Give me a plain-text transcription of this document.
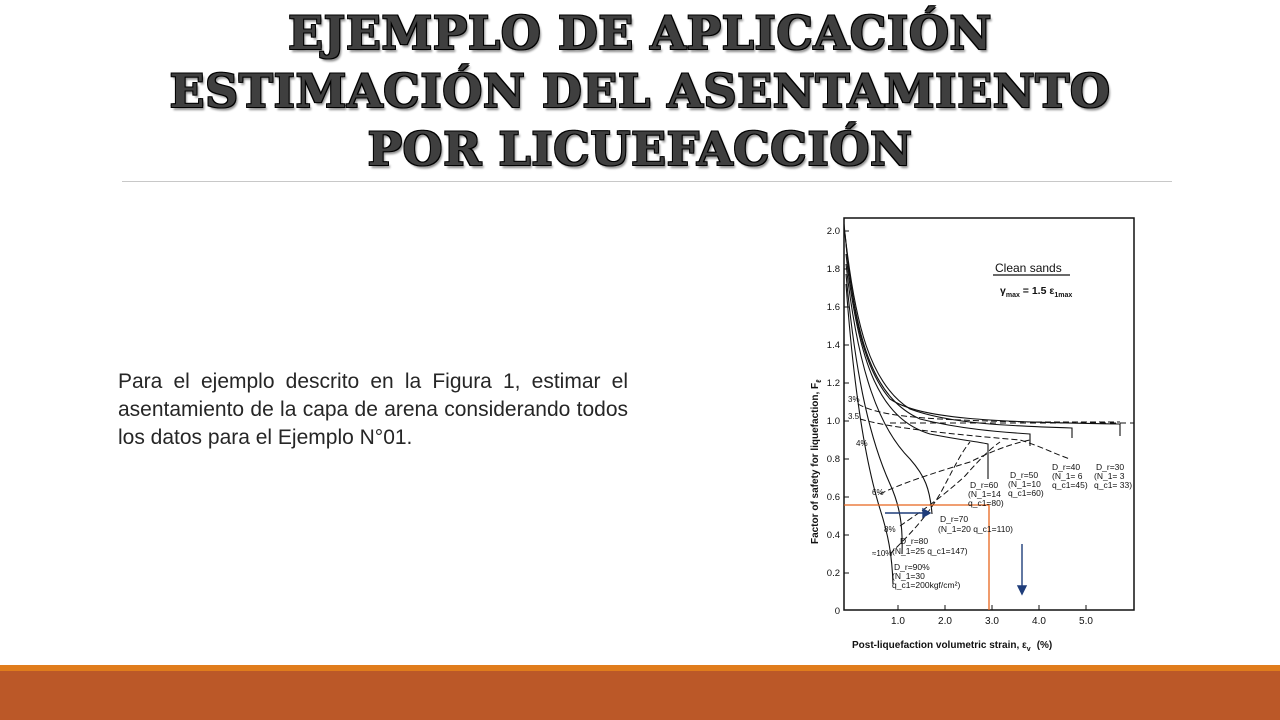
EJEMPLO DE APLICACIÓN
ESTIMACIÓN DEL ASENTAMIENTO
POR LICUEFACCIÓN
Para el ejemplo descrito en la Figura 1, estimar el asentamiento de la capa de arena considerando todos los datos para el Ejemplo N°01.
2.0
1.8
1.6
1.4
1.2
1.0
0.8
0.6
0.4
0.2
0
1.0	2.0	3.0	4.0	5.0
Factor of safety for liquefaction, $F_\ell$
Post-liquefaction volumetric strain, $\varepsilon_v$ (%)
Clean sands
$\gamma_{max} = 1.5$ $\varepsilon_{1max}$
3%
3.5
4%
6%
8%
≈10%
D_r=30
(N_1= 3
q_c1= 33)
D_r=40
(N_1= 6
q_c1=45)
D_r=50
(N_1=10
q_c1=60)
D_r=60
(N_1=14
q_c1=80)
D_r=70
(N_1=20 q_c1=110)
D_r=80
(N_1=25 q_c1=147)
D_r=90%
(N_1=30
q_c1=200kgf/cm²)
